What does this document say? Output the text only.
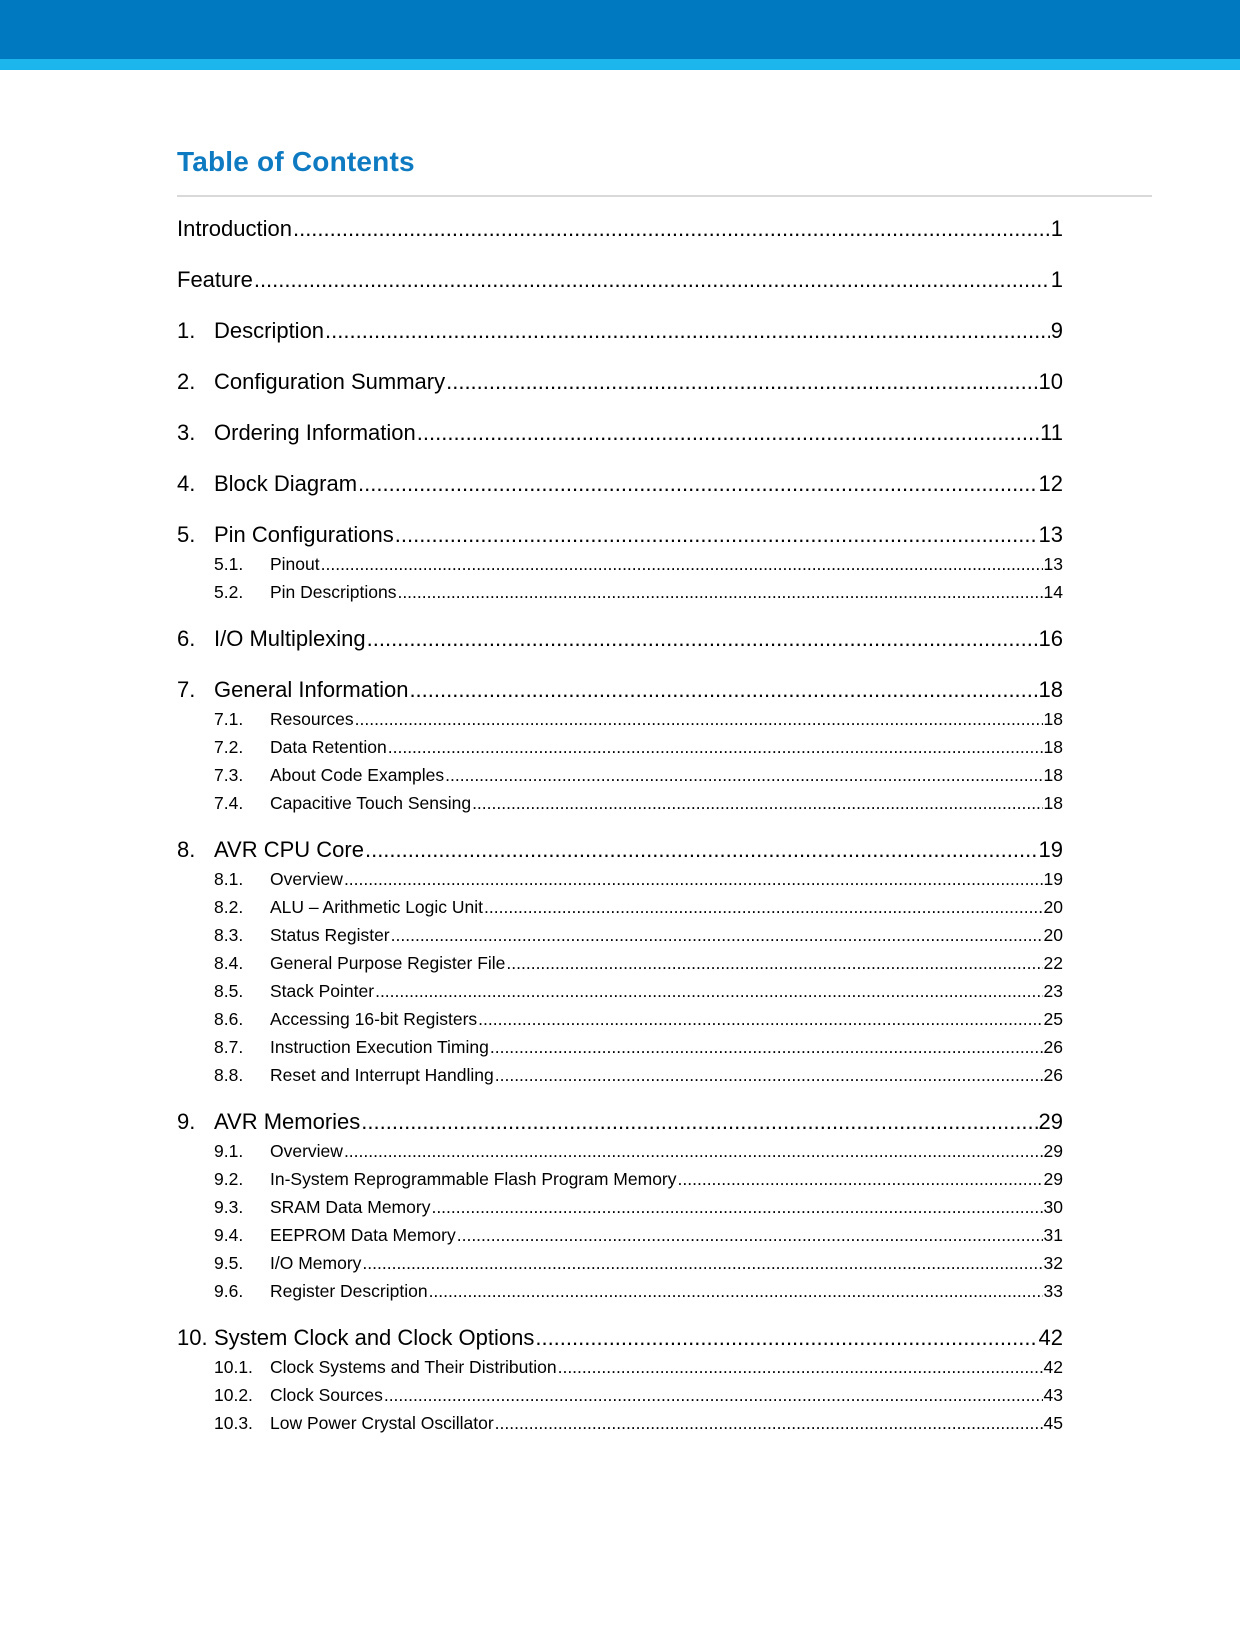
Table of Contents
Introduction .....	1
Feature .....	1
1. Description .....	9
2. Configuration Summary .....	10
3. Ordering Information .....	11
4. Block Diagram .....	12
5. Pin Configurations .....	13
5.1.	Pinout .....	13
5.2.	Pin Descriptions .....	14
6. I/O Multiplexing .....	16
7. General Information .....	18
7.1.	Resources .....	18
7.2.	Data Retention .....	18
7.3.	About Code Examples .....	18
7.4.	Capacitive Touch Sensing .....	18
8. AVR CPU Core .....	19
8.1.	Overview .....	19
8.2.	ALU – Arithmetic Logic Unit .....	20
8.3.	Status Register .....	20
8.4.	General Purpose Register File .....	22
8.5.	Stack Pointer .....	23
8.6.	Accessing 16-bit Registers .....	25
8.7.	Instruction Execution Timing .....	26
8.8.	Reset and Interrupt Handling .....	26
9. AVR Memories .....	29
9.1.	Overview .....	29
9.2.	In-System Reprogrammable Flash Program Memory .....	29
9.3.	SRAM Data Memory .....	30
9.4.	EEPROM Data Memory .....	31
9.5.	I/O Memory .....	32
9.6.	Register Description .....	33
10. System Clock and Clock Options .....	42
10.1. Clock Systems and Their Distribution .....	42
10.2. Clock Sources .....	43
10.3. Low Power Crystal Oscillator .....	45
